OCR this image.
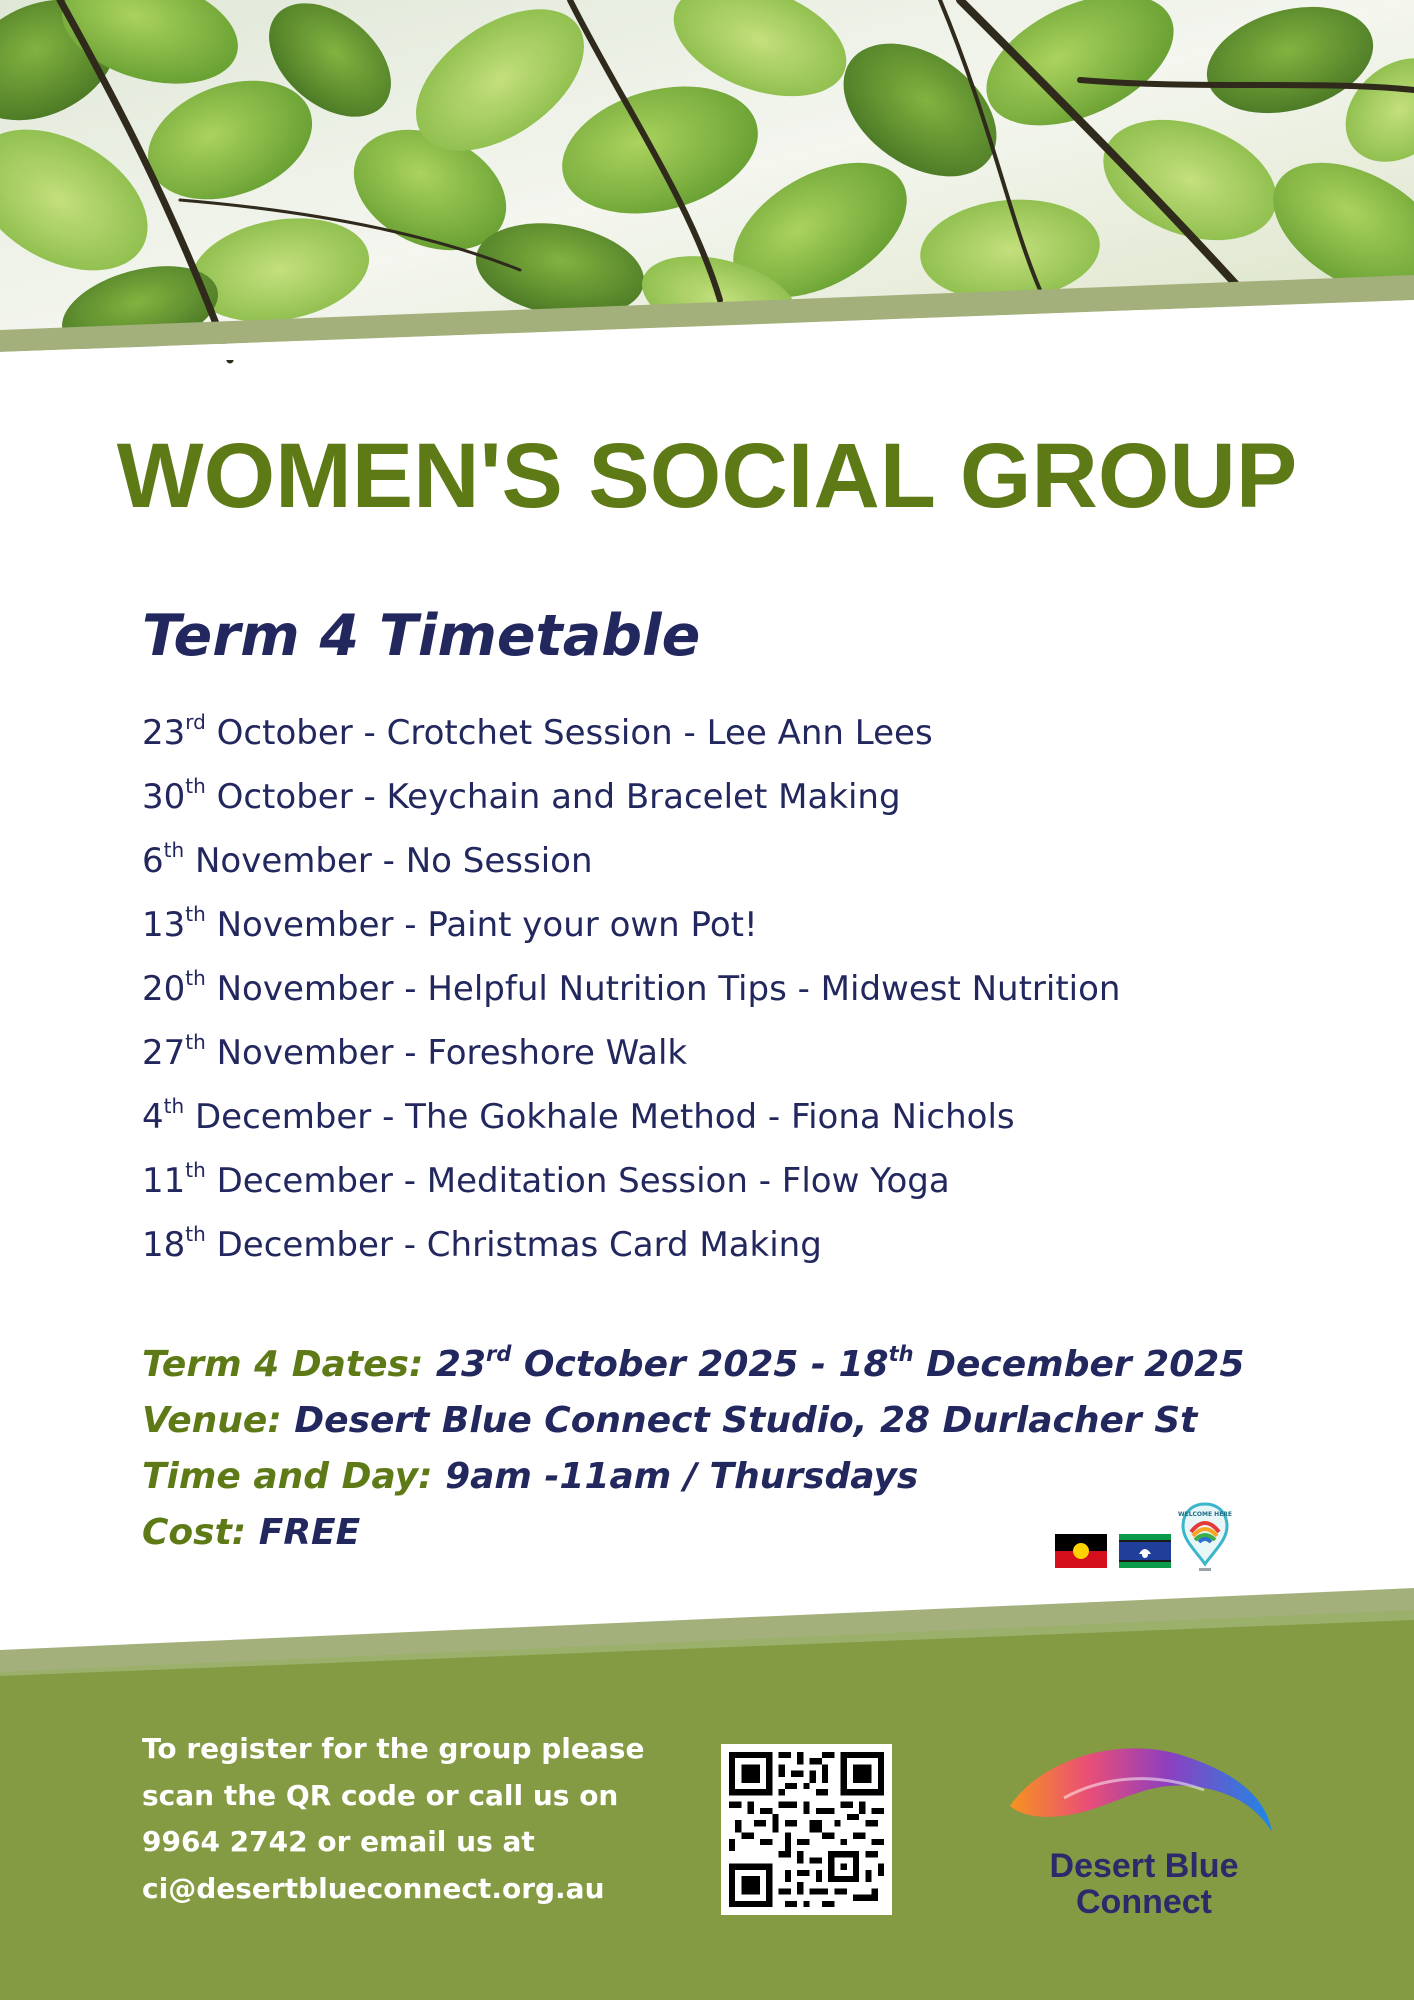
WOMEN'S SOCIAL GROUP
Term 4 Timetable
23rd October - Crotchet Session - Lee Ann Lees
30th October - Keychain and Bracelet Making
6th November - No Session
13th November - Paint your own Pot!
20th November - Helpful Nutrition Tips - Midwest Nutrition
27th November - Foreshore Walk
4th December - The Gokhale Method - Fiona Nichols
11th December - Meditation Session - Flow Yoga
18th December - Christmas Card Making
Term 4 Dates: 23rd October 2025 - 18th December 2025
Venue: Desert Blue Connect Studio, 28 Durlacher St
Time and Day: 9am -11am / Thursdays
Cost: FREE	WELCOME HERE
To register for the group please
scan the QR code or call us on
9964 2742 or email us at
ci@desertblueconnect.org.au
Desert Blue
Connect
